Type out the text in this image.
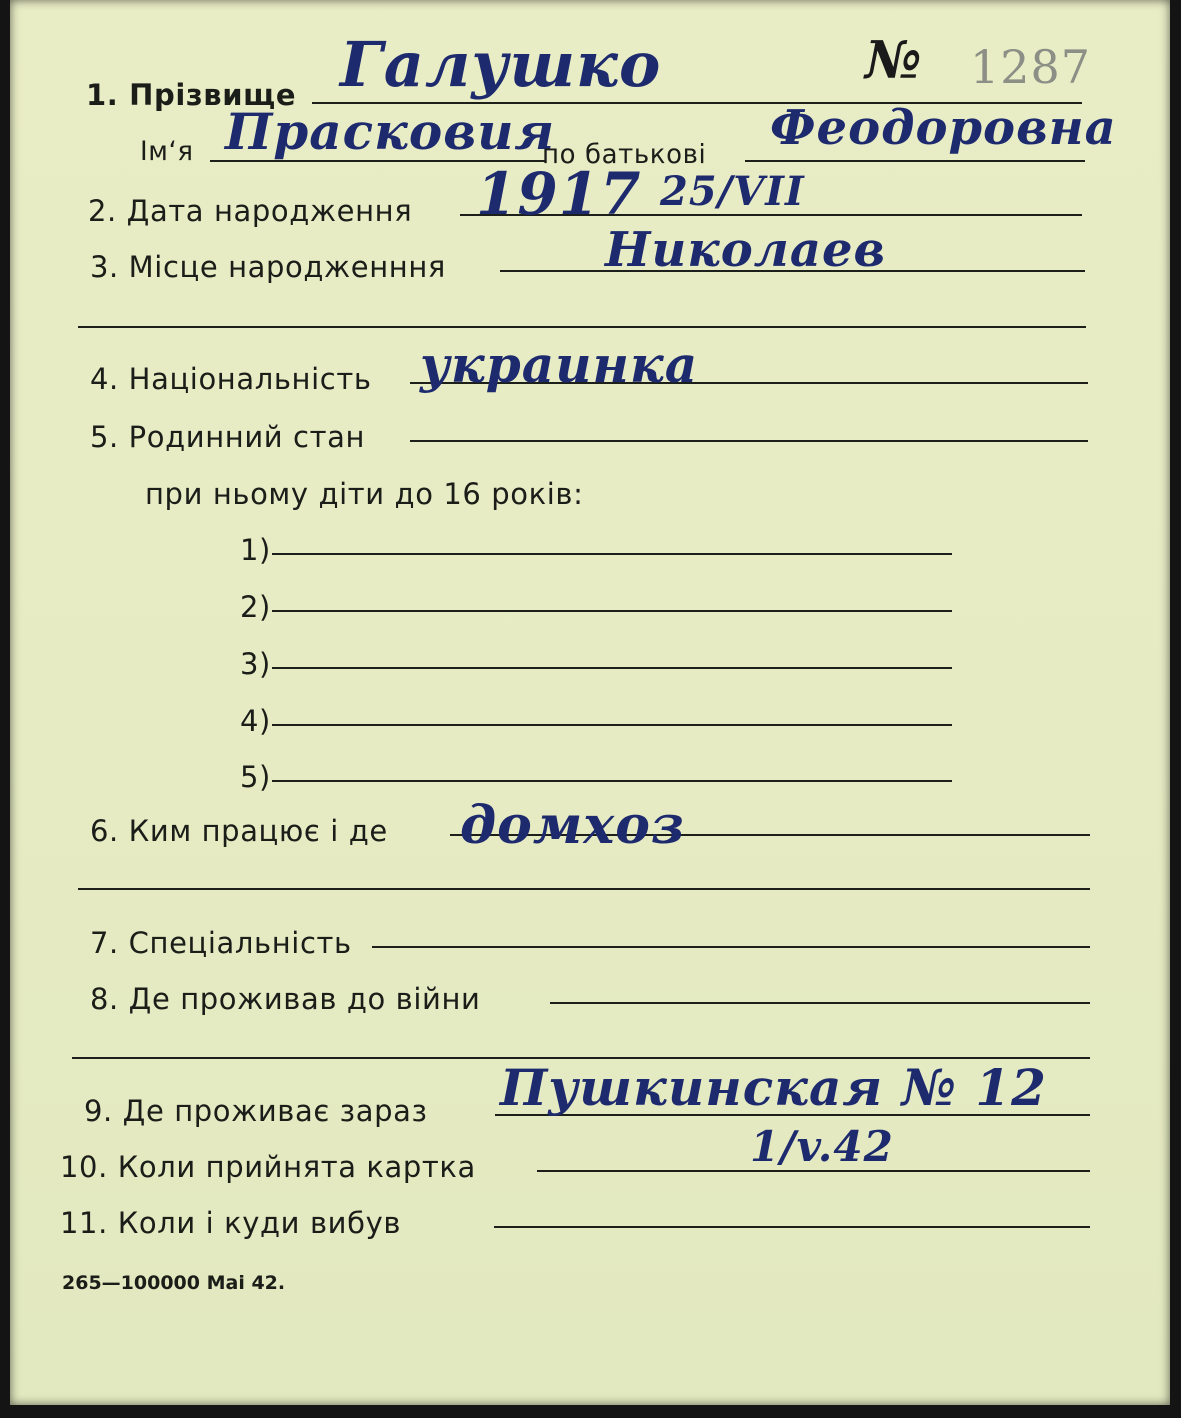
№ 1287
1. Прізвище Галушко
Ім‘я Прасковия
по батькові Феодоровна
2. Дата народження 1917 25/VII
3. Місце народженння	Николаев
4. Національність украинка
5. Родинний стан
при ньому діти до 16 років:
1)
2)
3)
4)
5)
6. Ким працює і де домхоз
7. Спеціальність
8. Де проживав до війни
9. Де проживає зараз Пушкинская № 12
10. Коли прийнята картка	1/v.42
11. Коли і куди вибув
265—100000 Mai 42.
